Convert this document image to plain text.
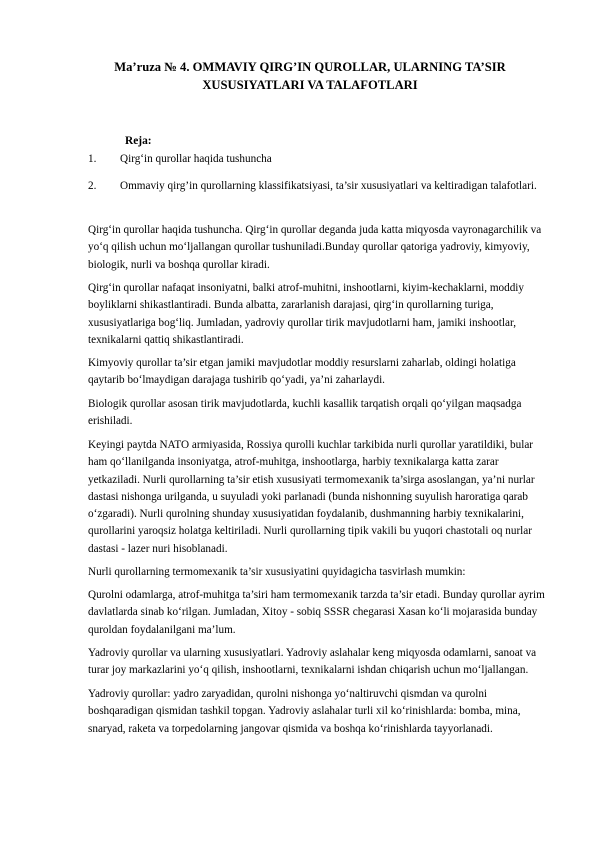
Ma’ruza № 4. OMMAVIY QIRG’IN QUROLLAR, ULARNING TA’SIR
XUSUSIYATLARI VA TALAFOTLARI
Reja:
1.	Qirg‘in qurollar haqida tushuncha
2.	Ommaviy qirg’in qurollarning klassifikatsiyasi, ta’sir xususiyatlari va keltiradigan talafotlari.

Qirg‘in qurollar haqida tushuncha. Qirg‘in qurollar deganda juda katta miqyosda vayronagarchilik va yo‘q qilish uchun mo‘ljallangan qurollar tushuniladi.Bunday qurollar qatoriga yadroviy, kimyoviy, biologik, nurli va boshqa qurollar kiradi.

Qirg‘in qurollar nafaqat insoniyatni, balki atrof-muhitni, inshootlarni, kiyim-kechaklarni, moddiy boyliklarni shikastlantiradi. Bunda albatta, zararlanish darajasi, qirg‘in qurollarning turiga, xususiyatlariga bog‘liq. Jumladan, yadroviy qurollar tirik mavjudotlarni ham, jamiki inshootlar, texnikalarni qattiq shikastlantiradi.

Kimyoviy qurollar ta’sir etgan jamiki mavjudotlar moddiy resurslarni zaharlab, oldingi holatiga qaytarib bo‘lmaydigan darajaga tushirib qo‘yadi, ya’ni zaharlaydi.

Biologik qurollar asosan tirik mavjudotlarda, kuchli kasallik tarqatish orqali qo‘yilgan maqsadga erishiladi.

Keyingi paytda NATO armiyasida, Rossiya qurolli kuchlar tarkibida nurli qurollar yaratildiki, bular ham qo‘llanilganda insoniyatga, atrof-muhitga, inshootlarga, harbiy texnikalarga katta zarar yetkaziladi. Nurli qurollarning ta’sir etish xususiyati termomexanik ta’sirga asoslangan, ya’ni nurlar dastasi nishonga urilganda, u suyuladi yoki parlanadi (bunda nishonning suyulish haroratiga qarab o‘zgaradi). Nurli qurolning shunday xususiyatidan foydalanib, dushmanning harbiy texnikalarini, qurollarini yaroqsiz holatga keltiriladi. Nurli qurollarning tipik vakili bu yuqori chastotali oq nurlar dastasi - lazer nuri hisoblanadi.

Nurli qurollarning termomexanik ta’sir xususiyatini quyidagicha tasvirlash mumkin:

Qurolni odamlarga, atrof-muhitga ta’siri ham termomexanik tarzda ta’sir etadi. Bunday qurollar ayrim davlatlarda sinab ko‘rilgan. Jumladan, Xitoy - sobiq SSSR chegarasi Xasan ko‘li mojarasida bunday quroldan foydalanilgani ma’lum.

Yadroviy qurollar va ularning xususiyatlari. Yadroviy aslahalar keng miqyosda odamlarni, sanoat va turar joy markazlarini yo‘q qilish, inshootlarni, texnikalarni ishdan chiqarish uchun mo‘ljallangan.

Yadroviy qurollar: yadro zaryadidan, qurolni nishonga yo‘naltiruvchi qismdan va qurolni boshqaradigan qismidan tashkil topgan. Yadroviy aslahalar turli xil ko‘rinishlarda: bomba, mina, snaryad, raketa va torpedolarning jangovar qismida va boshqa ko‘rinishlarda tayyorlanadi.
